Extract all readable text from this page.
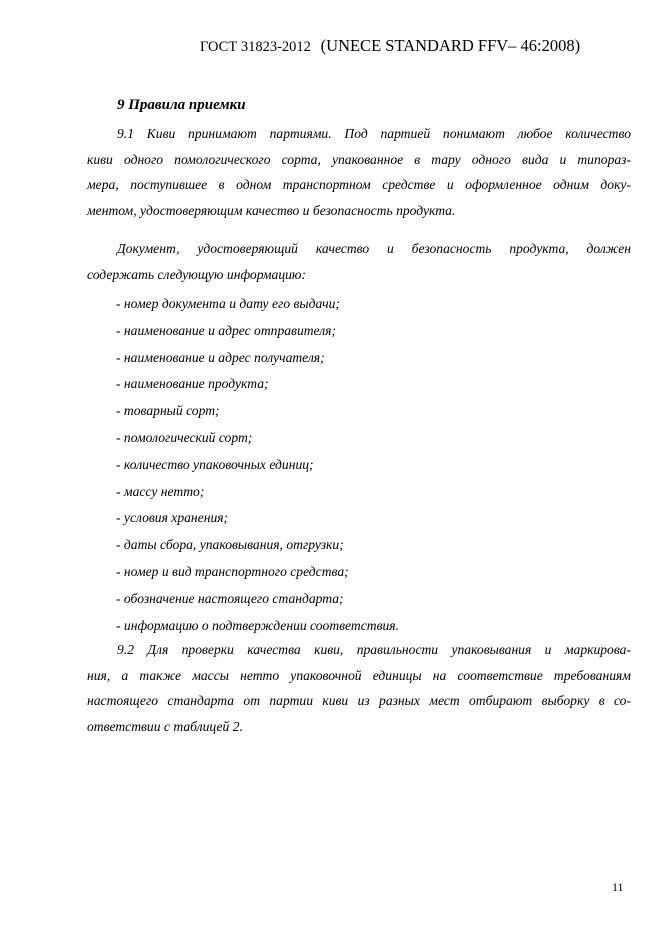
ГОСТ 31823-2012 (UNECE STANDARD FFV– 46:2008)
9 Правила приемки
9.1 Киви принимают партиями. Под партией понимают любое количество
киви одного помологического сорта, упакованное в тару одного вида и типораз-
мера, поступившее в одном транспортном средстве и оформленное одним доку-
ментом, удостоверяющим качество и безопасность продукта.
Документ, удостоверяющий качество и безопасность продукта, должен
содержать следующую информацию:
- номер документа и дату его выдачи;
- наименование и адрес отправителя;
- наименование и адрес получателя;
- наименование продукта;
- товарный сорт;
- помологический сорт;
- количество упаковочных единиц;
- массу нетто;
- условия хранения;
- даты сбора, упаковывания, отгрузки;
- номер и вид транспортного средства;
- обозначение настоящего стандарта;
- информацию о подтверждении соответствия.
9.2 Для проверки качества киви, правильности упаковывания и маркирова-
ния, а также массы нетто упаковочной единицы на соответствие требованиям
настоящего стандарта от партии киви из разных мест отбирают выборку в со-
ответствии с таблицей 2.
11
